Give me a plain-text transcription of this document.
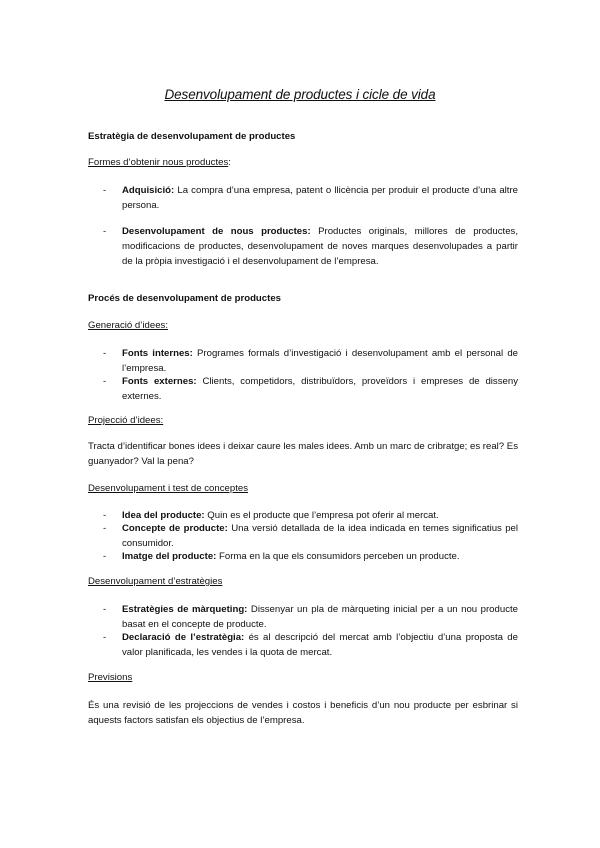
Desenvolupament de productes i cicle de vida
Estratègia de desenvolupament de productes
Formes d’obtenir nous productes:
- Adquisició: La compra d’una empresa, patent o llicència per produir el producte d’una altre persona.
- Desenvolupament de nous productes: Productes originals, millores de productes, modificacions de productes, desenvolupament de noves marques desenvolupades a partir de la pròpia investigació i el desenvolupament de l’empresa.
Procés de desenvolupament de productes
Generació d’idees:
- Fonts internes: Programes formals d’investigació i desenvolupament amb el personal de l’empresa.
- Fonts externes: Clients, competidors, distribuïdors, proveïdors i empreses de disseny externes.
Projecció d’idees:
Tracta d’identificar bones idees i deixar caure les males idees. Amb un marc de cribratge; es real? Es guanyador? Val la pena?
Desenvolupament i test de conceptes
- Idea del producte: Quin es el producte que l’empresa pot oferir al mercat.
- Concepte de producte: Una versió detallada de la idea indicada en temes significatius pel consumidor.
- Imatge del producte: Forma en la que els consumidors perceben un producte.
Desenvolupament d’estratègies
- Estratègies de màrqueting: Dissenyar un pla de màrqueting inicial per a un nou producte basat en el concepte de producte.
- Declaració de l’estratègia: és al descripció del mercat amb l’objectiu d’una proposta de valor planificada, les vendes i la quota de mercat.
Previsions
És una revisió de les projeccions de vendes i costos i beneficis d’un nou producte per esbrinar si aquests factors satisfan els objectius de l’empresa.
